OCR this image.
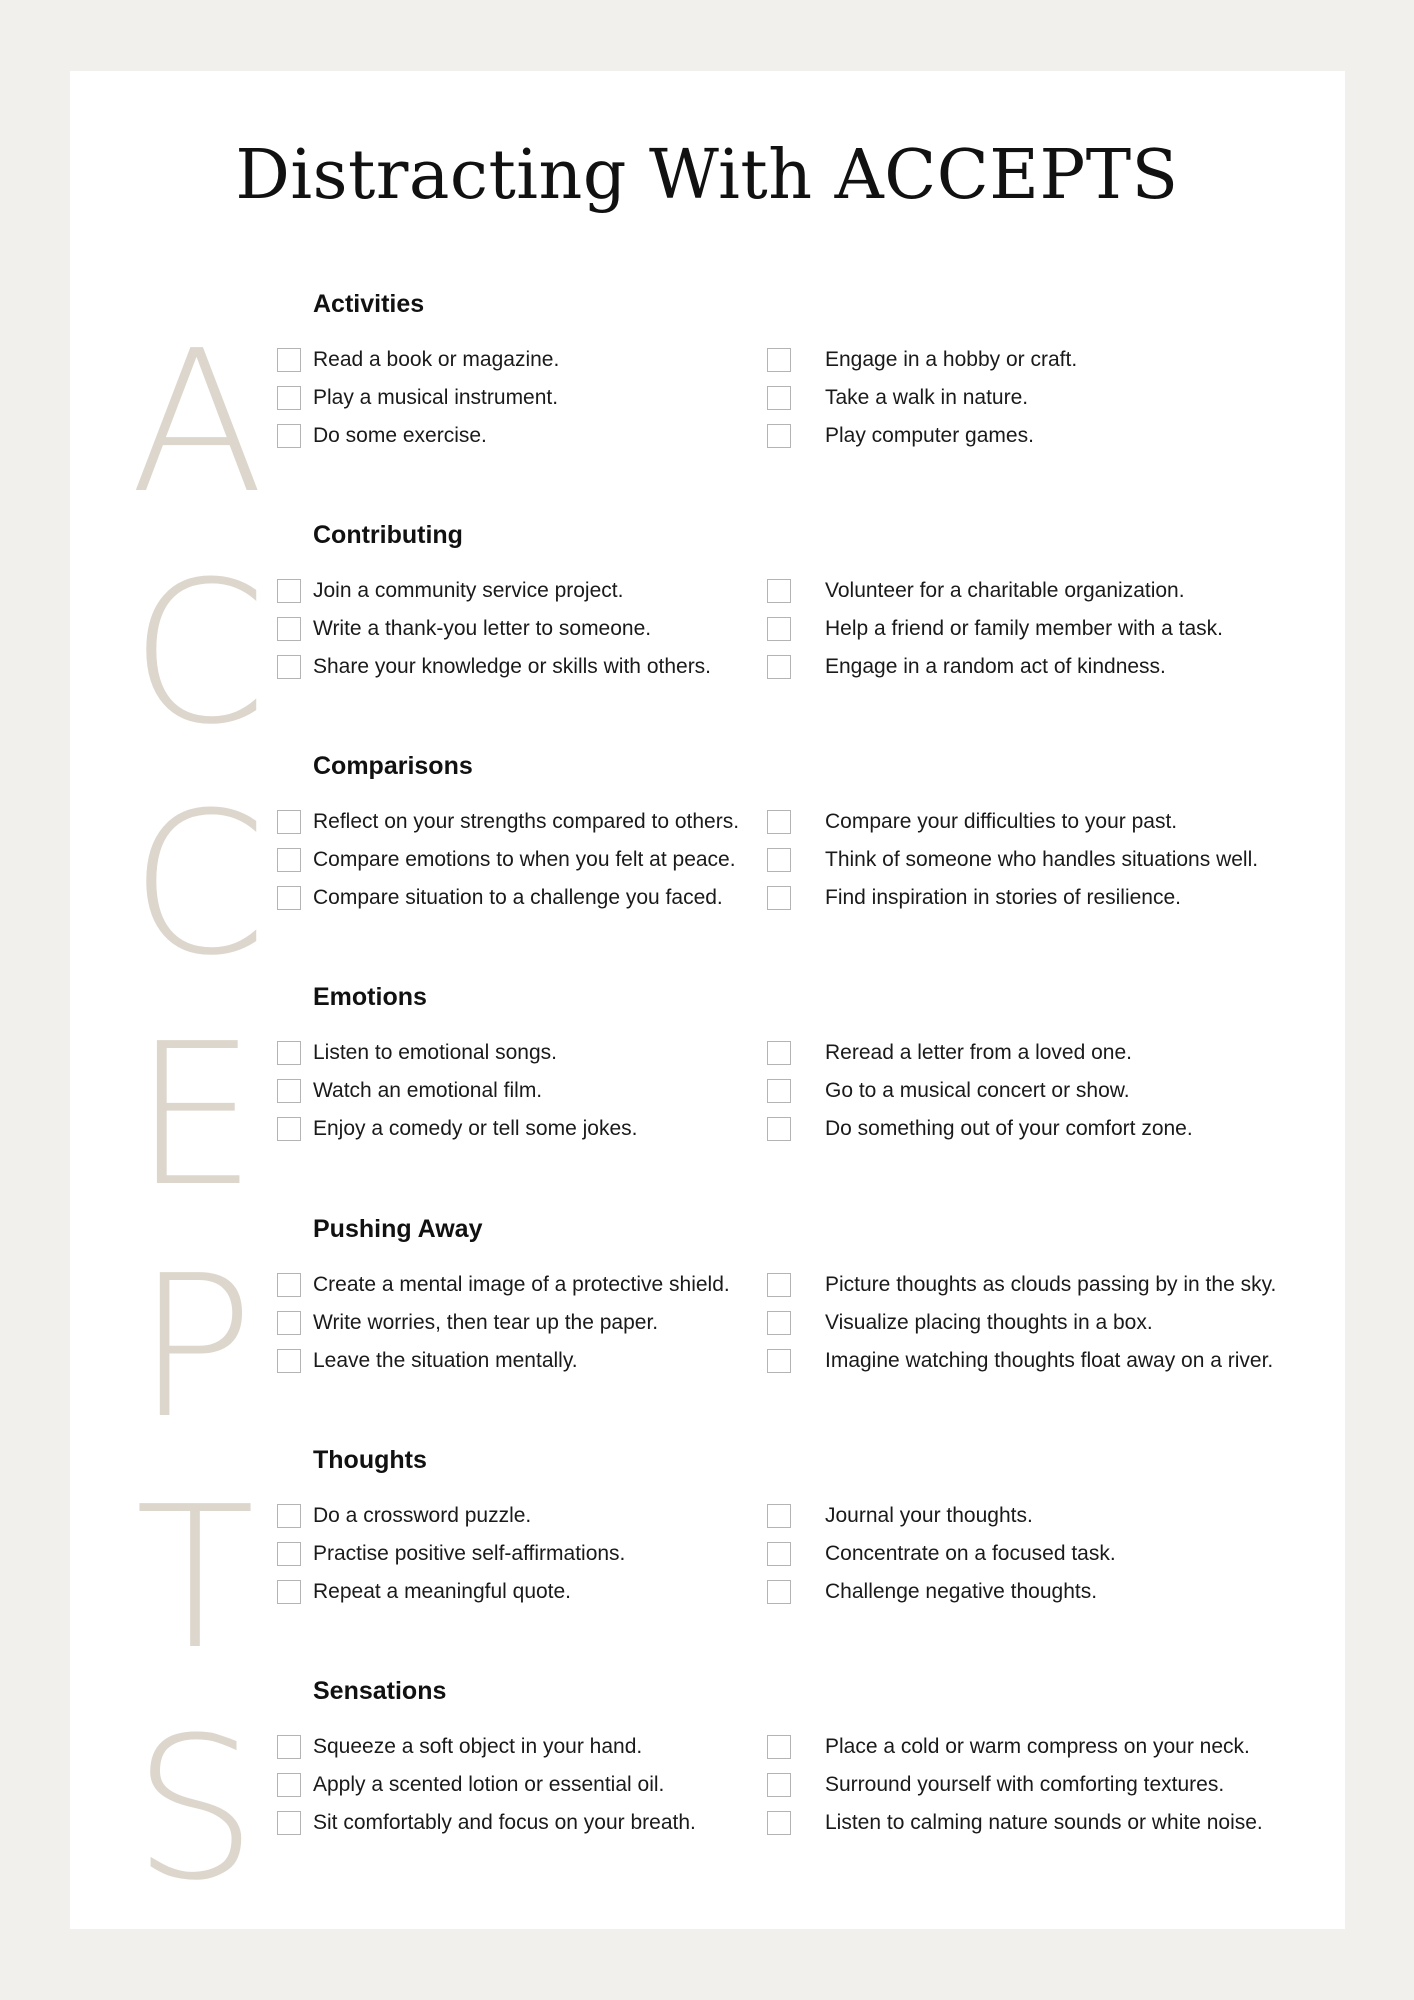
Distracting With ACCEPTS
A
Activities
Read a book or magazine.
Play a musical instrument.
Do some exercise.
Engage in a hobby or craft.
Take a walk in nature.
Play computer games.
C
Contributing
Join a community service project.
Write a thank-you letter to someone.
Share your knowledge or skills with others.
Volunteer for a charitable organization.
Help a friend or family member with a task.
Engage in a random act of kindness.
C
Comparisons
Reflect on your strengths compared to others.
Compare emotions to when you felt at peace.
Compare situation to a challenge you faced.
Compare your difficulties to your past.
Think of someone who handles situations well.
Find inspiration in stories of resilience.
E
Emotions
Listen to emotional songs.
Watch an emotional film.
Enjoy a comedy or tell some jokes.
Reread a letter from a loved one.
Go to a musical concert or show.
Do something out of your comfort zone.
P
Pushing Away
Create a mental image of a protective shield.
Write worries, then tear up the paper.
Leave the situation mentally.
Picture thoughts as clouds passing by in the sky.
Visualize placing thoughts in a box.
Imagine watching thoughts float away on a river.
T
Thoughts
Do a crossword puzzle.
Practise positive self-affirmations.
Repeat a meaningful quote.
Journal your thoughts.
Concentrate on a focused task.
Challenge negative thoughts.
S
Sensations
Squeeze a soft object in your hand.
Apply a scented lotion or essential oil.
Sit comfortably and focus on your breath.
Place a cold or warm compress on your neck.
Surround yourself with comforting textures.
Listen to calming nature sounds or white noise.
